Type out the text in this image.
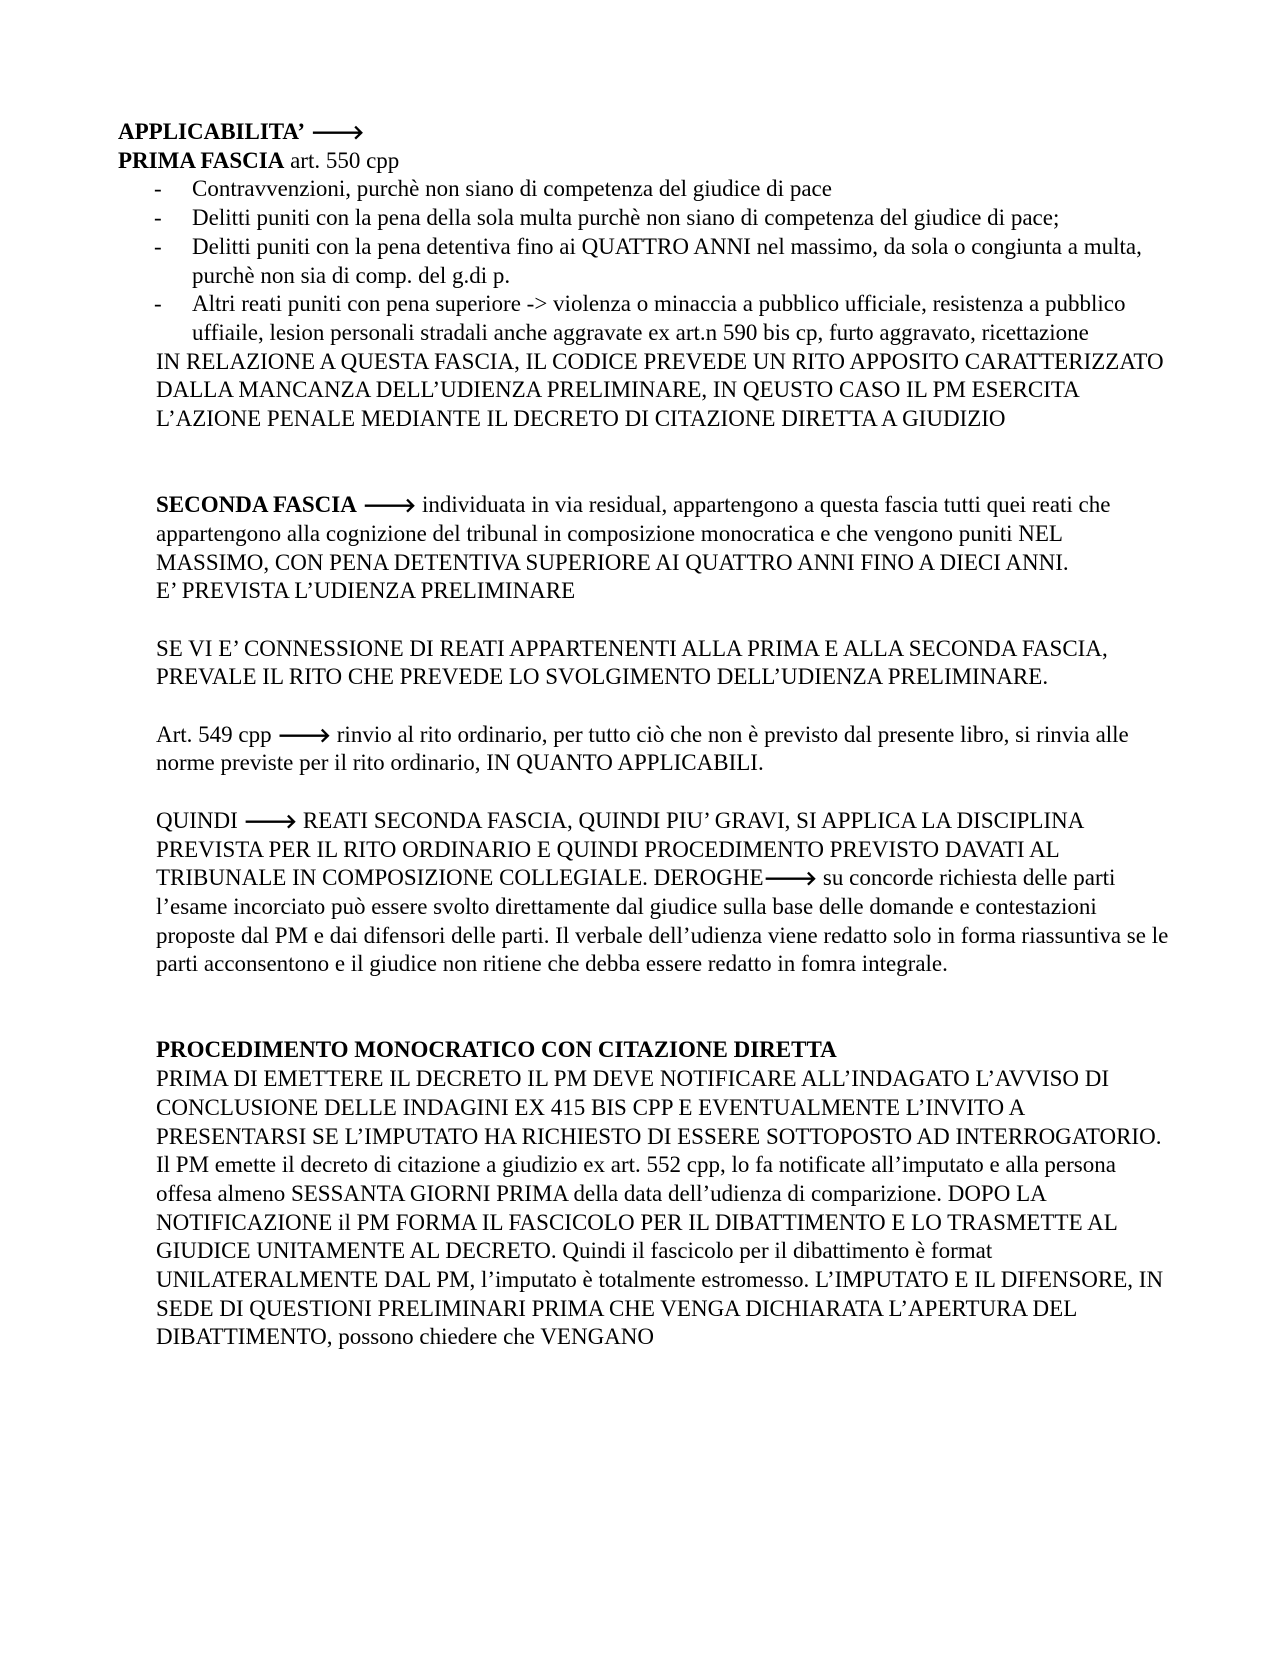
APPLICABILITA’ 🡒

PRIMA FASCIA art. 550 cpp

- Contravvenzioni, purchè non siano di competenza del giudice di pace
- Delitti puniti con la pena della sola multa purchè non siano di competenza del giudice di pace;
- Delitti puniti con la pena detentiva fino ai QUATTRO ANNI nel massimo, da sola o congiunta a multa, purchè non sia di comp. del g.di p.
- Altri reati puniti con pena superiore -> violenza o minaccia a pubblico ufficiale, resistenza a pubblico uffiaile, lesion personali stradali anche aggravate ex art.n 590 bis cp, furto aggravato, ricettazione

IN RELAZIONE A QUESTA FASCIA, IL CODICE PREVEDE UN RITO APPOSITO CARATTERIZZATO DALLA MANCANZA DELL’UDIENZA PRELIMINARE, IN QEUSTO CASO IL PM ESERCITA L’AZIONE PENALE MEDIANTE IL DECRETO DI CITAZIONE DIRETTA A GIUDIZIO

SECONDA FASCIA 🡒 individuata in via residual, appartengono a questa fascia tutti quei reati che appartengono alla cognizione del tribunal in composizione monocratica e che vengono puniti NEL MASSIMO, CON PENA DETENTIVA SUPERIORE AI QUATTRO ANNI FINO A DIECI ANNI.

E’ PREVISTA L’UDIENZA PRELIMINARE

SE VI E’ CONNESSIONE DI REATI APPARTENENTI ALLA PRIMA E ALLA SECONDA FASCIA, PREVALE IL RITO CHE PREVEDE LO SVOLGIMENTO DELL’UDIENZA PRELIMINARE.

Art. 549 cpp 🡒 rinvio al rito ordinario, per tutto ciò che non è previsto dal presente libro, si rinvia alle norme previste per il rito ordinario, IN QUANTO APPLICABILI.

QUINDI 🡒 REATI SECONDA FASCIA, QUINDI PIU’ GRAVI, SI APPLICA LA DISCIPLINA PREVISTA PER IL RITO ORDINARIO E QUINDI PROCEDIMENTO PREVISTO DAVATI AL TRIBUNALE IN COMPOSIZIONE COLLEGIALE. DEROGHE🡒 su concorde richiesta delle parti l’esame incorciato può essere svolto direttamente dal giudice sulla base delle domande e contestazioni proposte dal PM e dai difensori delle parti. Il verbale dell’udienza viene redatto solo in forma riassuntiva se le parti acconsentono e il giudice non ritiene che debba essere redatto in fomra integrale.

PROCEDIMENTO MONOCRATICO CON CITAZIONE DIRETTA

PRIMA DI EMETTERE IL DECRETO IL PM DEVE NOTIFICARE ALL’INDAGATO L’AVVISO DI CONCLUSIONE DELLE INDAGINI EX 415 BIS CPP E EVENTUALMENTE L’INVITO A PRESENTARSI SE L’IMPUTATO HA RICHIESTO DI ESSERE SOTTOPOSTO AD INTERROGATORIO.

Il PM emette il decreto di citazione a giudizio ex art. 552 cpp, lo fa notificate all’imputato e alla persona offesa almeno SESSANTA GIORNI PRIMA della data dell’udienza di comparizione. DOPO LA NOTIFICAZIONE il PM FORMA IL FASCICOLO PER IL DIBATTIMENTO E LO TRASMETTE AL GIUDICE UNITAMENTE AL DECRETO. Quindi il fascicolo per il dibattimento è format UNILATERALMENTE DAL PM, l’imputato è totalmente estromesso. L’IMPUTATO E IL DIFENSORE, IN SEDE DI QUESTIONI PRELIMINARI PRIMA CHE VENGA DICHIARATA L’APERTURA DEL DIBATTIMENTO, possono chiedere che VENGANO
